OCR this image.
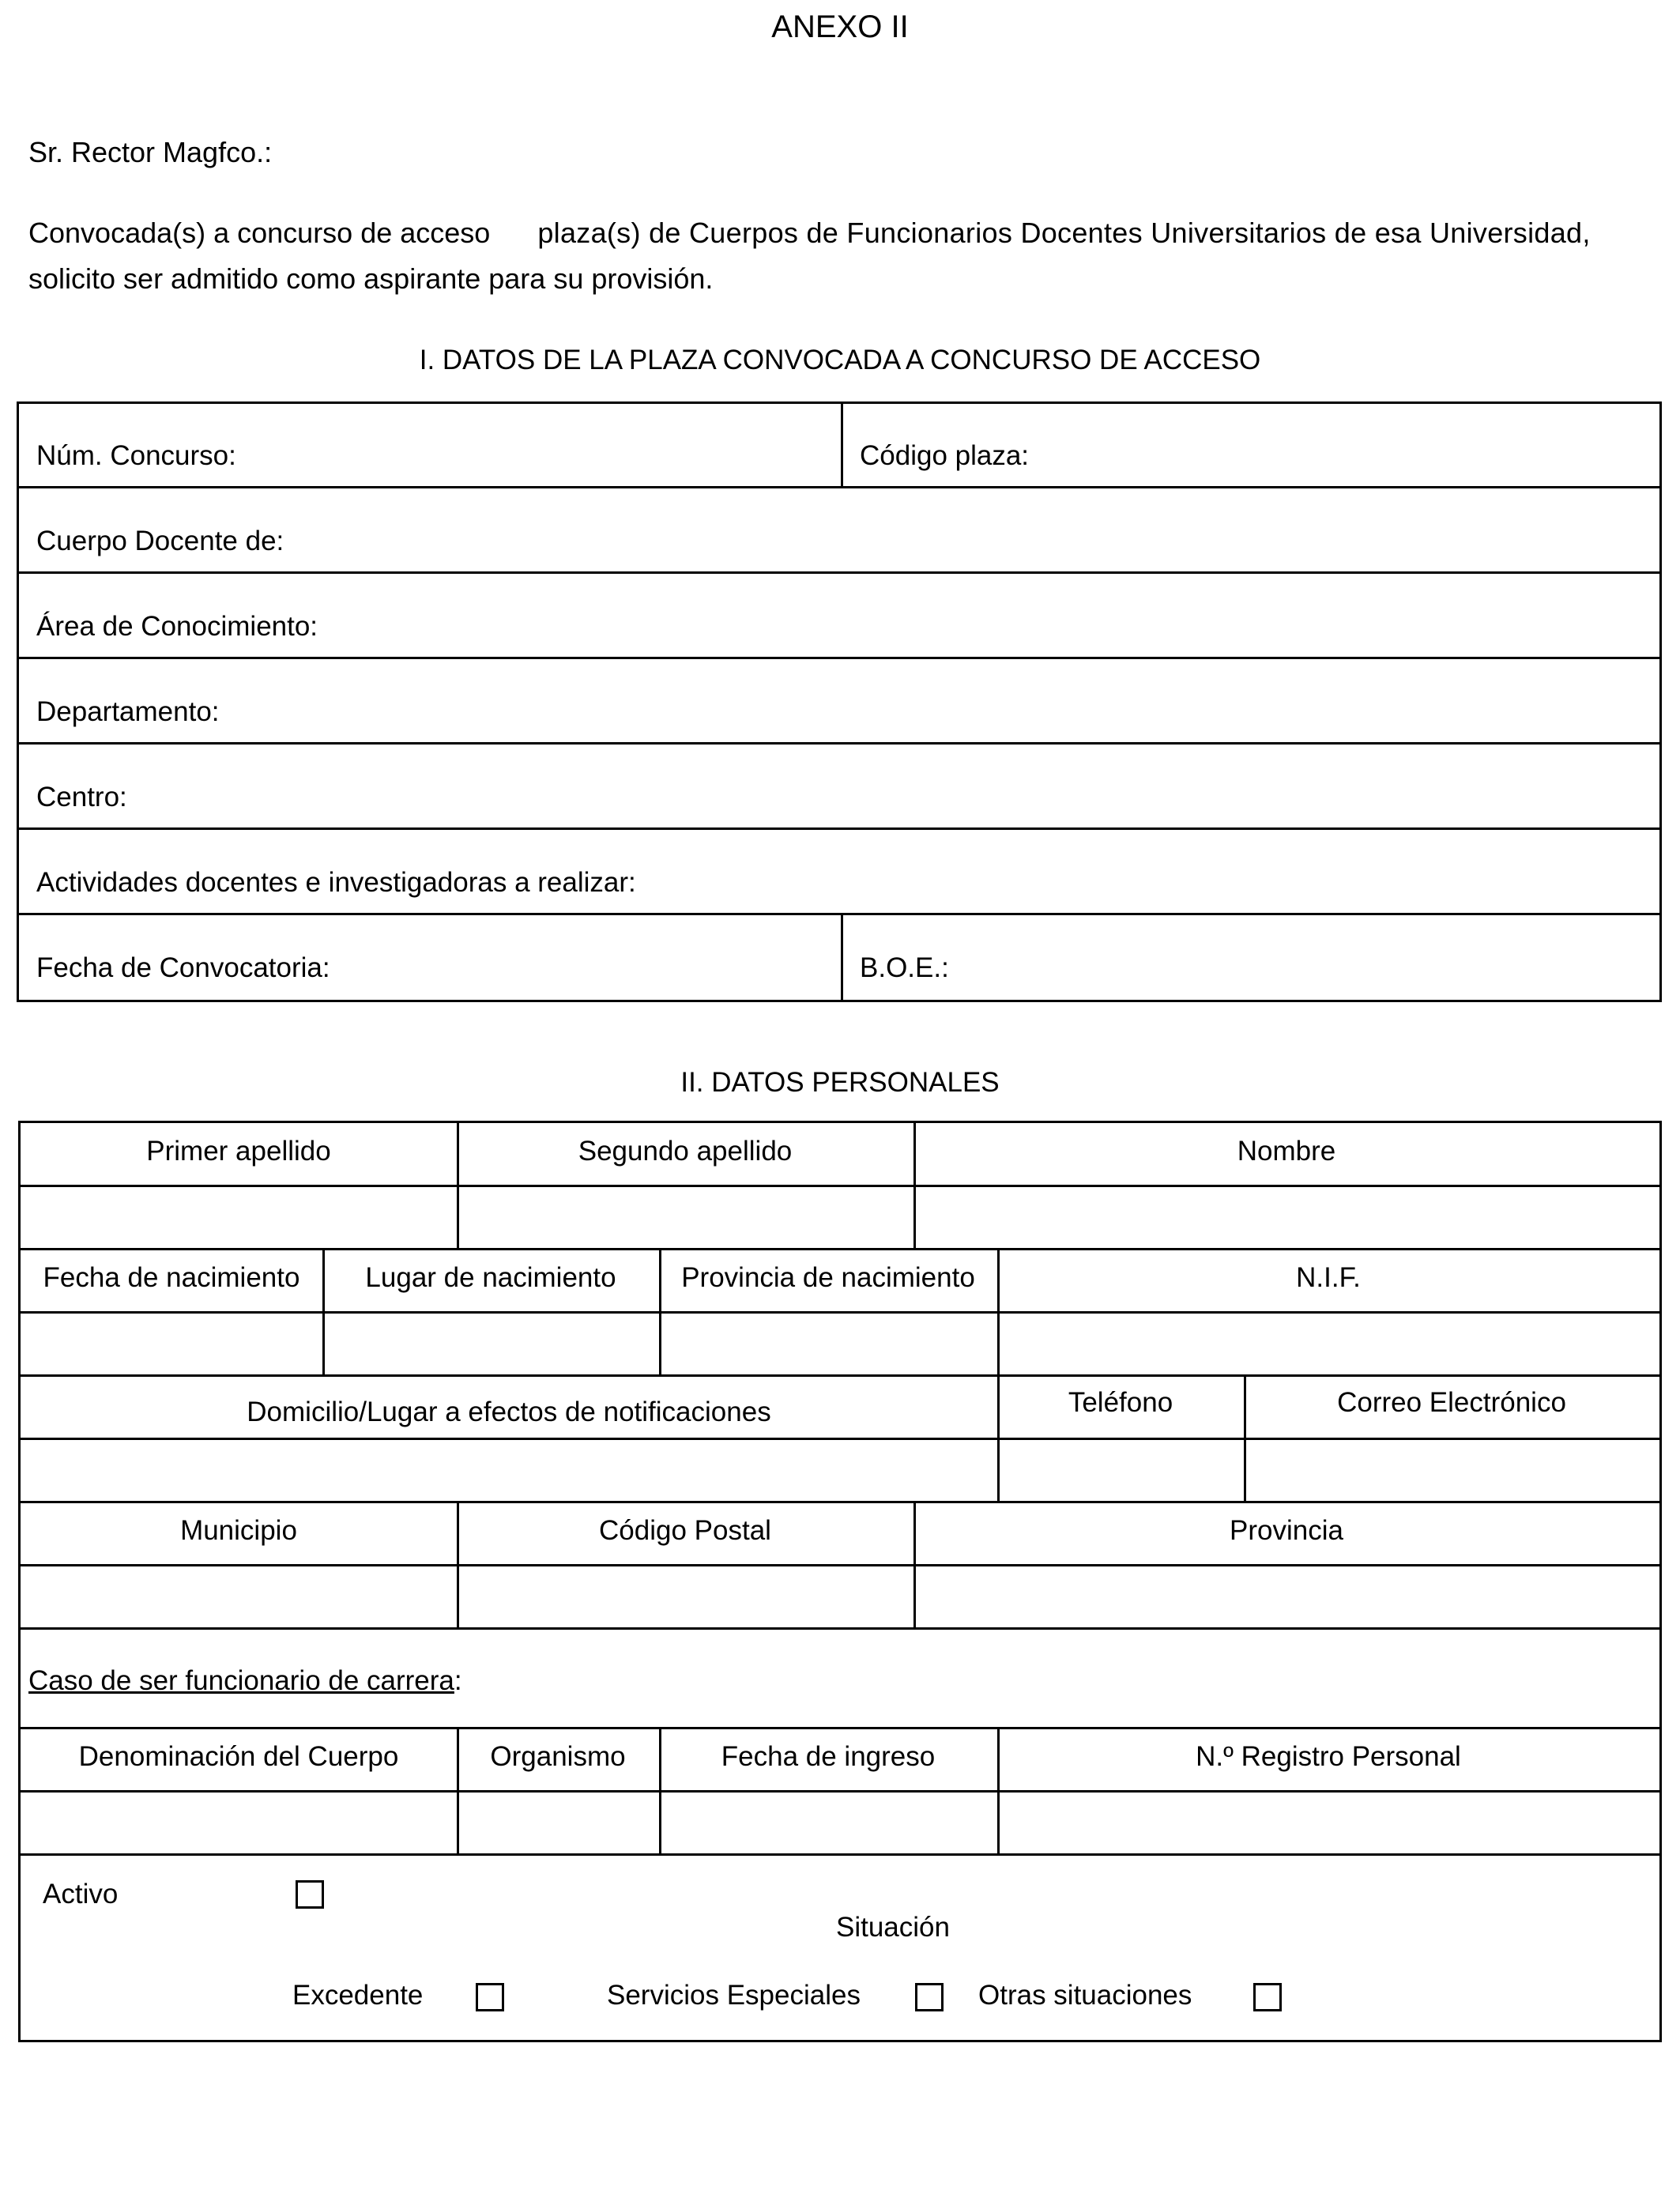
ANEXO II
Sr. Rector Magfco.:
Convocada(s) a concurso de acceso plaza(s) de Cuerpos de Funcionarios Docentes Universitarios de esa Universidad,
solicito ser admitido como aspirante para su provisión.
I. DATOS DE LA PLAZA CONVOCADA A CONCURSO DE ACCESO
Núm. Concurso:	Código plaza:
Cuerpo Docente de:
Área de Conocimiento:
Departamento:
Centro:
Actividades docentes e investigadoras a realizar:
Fecha de Convocatoria:	B.O.E.:
II. DATOS PERSONALES
Primer apellido	Segundo apellido	Nombre
Fecha de nacimiento	Lugar de nacimiento	Provincia de nacimiento	N.I.F.
Domicilio/Lugar a efectos de notificaciones	Teléfono	Correo Electrónico
Municipio	Código Postal	Provincia
Caso de ser funcionario de carrera:
Denominación del Cuerpo	Organismo	Fecha de ingreso	N.º Registro Personal
Activo
Situación
Excedente	Servicios Especiales	Otras situaciones
